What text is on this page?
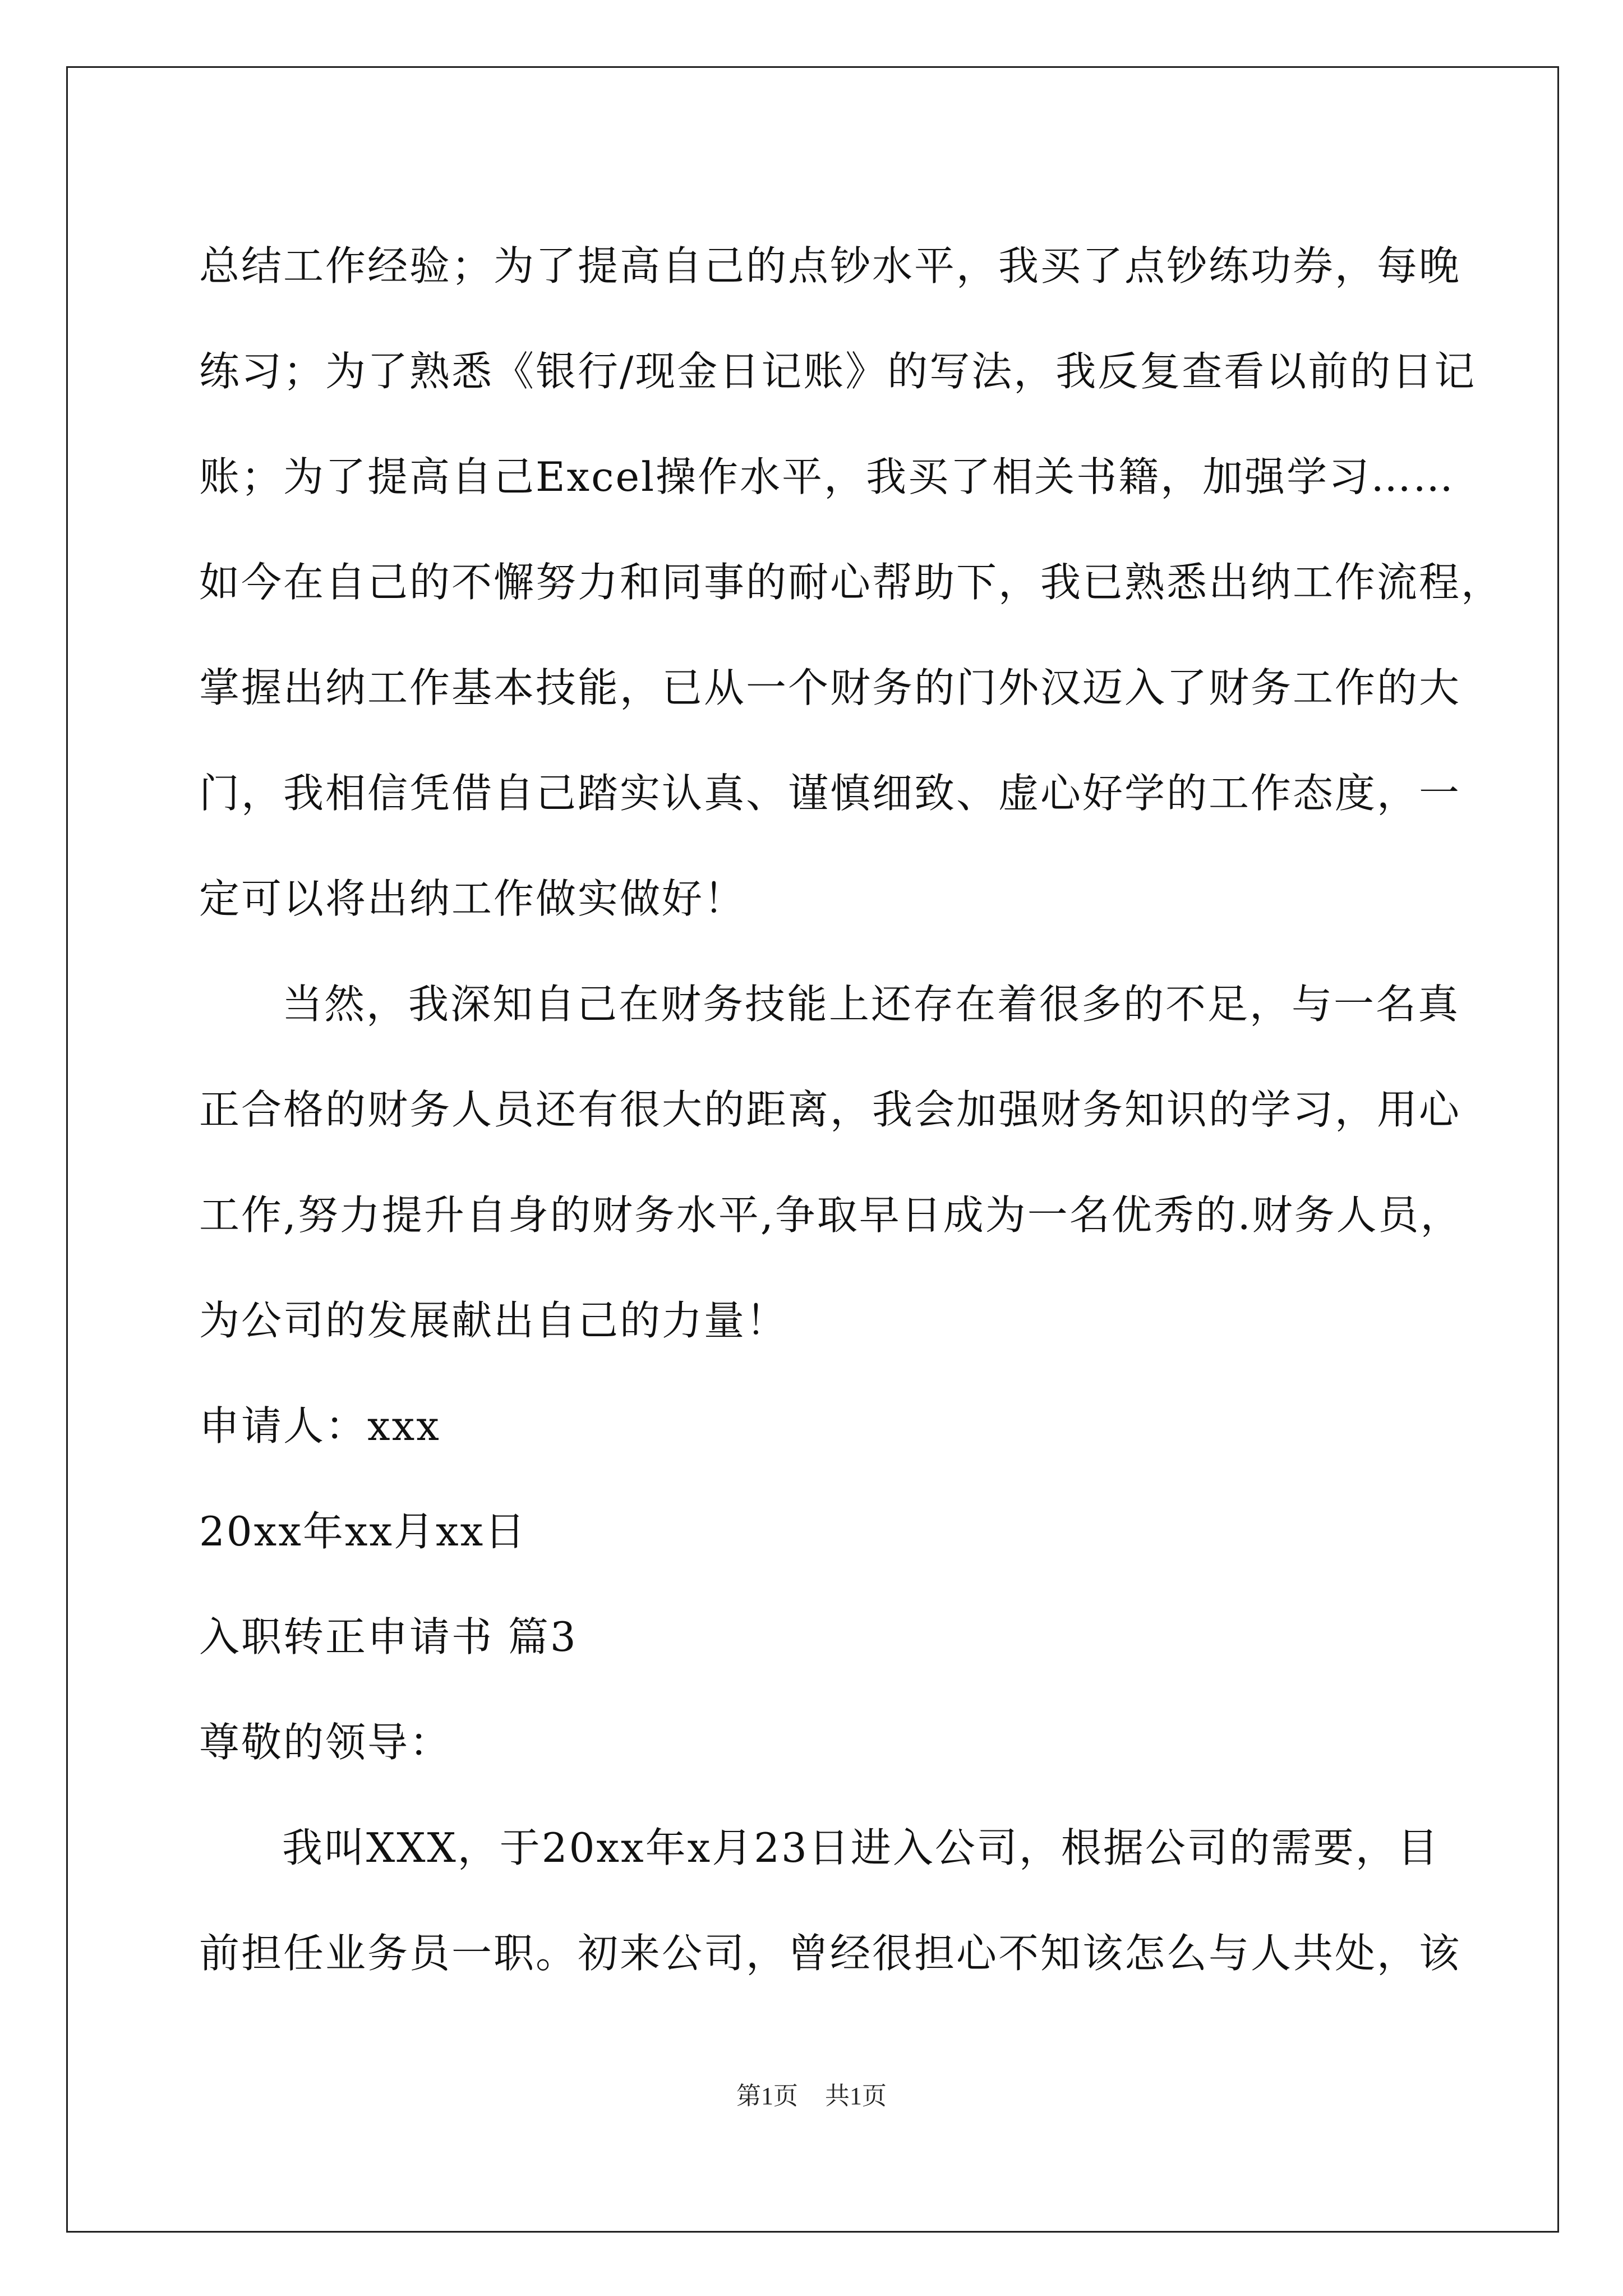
总结工作经验；为了提高自己的点钞水平，我买了点钞练功券，每晚
练习；为了熟悉《银行/现金日记账》的写法，我反复查看以前的日记
账；为了提高自己Excel操作水平，我买了相关书籍，加强学习……
如今在自己的不懈努力和同事的耐心帮助下，我已熟悉出纳工作流程，
掌握出纳工作基本技能，已从一个财务的门外汉迈入了财务工作的大
门，我相信凭借自己踏实认真、谨慎细致、虚心好学的工作态度，一
定可以将出纳工作做实做好！
当然，我深知自己在财务技能上还存在着很多的不足，与一名真
正合格的财务人员还有很大的距离，我会加强财务知识的学习，用心
工作,努力提升自身的财务水平,争取早日成为一名优秀的.财务人员，
为公司的发展献出自己的力量！
申请人：xxx
20xx年xx月xx日
入职转正申请书 篇3
尊敬的领导：
我叫XXX，于20xx年x月23日进入公司，根据公司的需要，目
前担任业务员一职。初来公司，曾经很担心不知该怎么与人共处，该
第1页 共1页
